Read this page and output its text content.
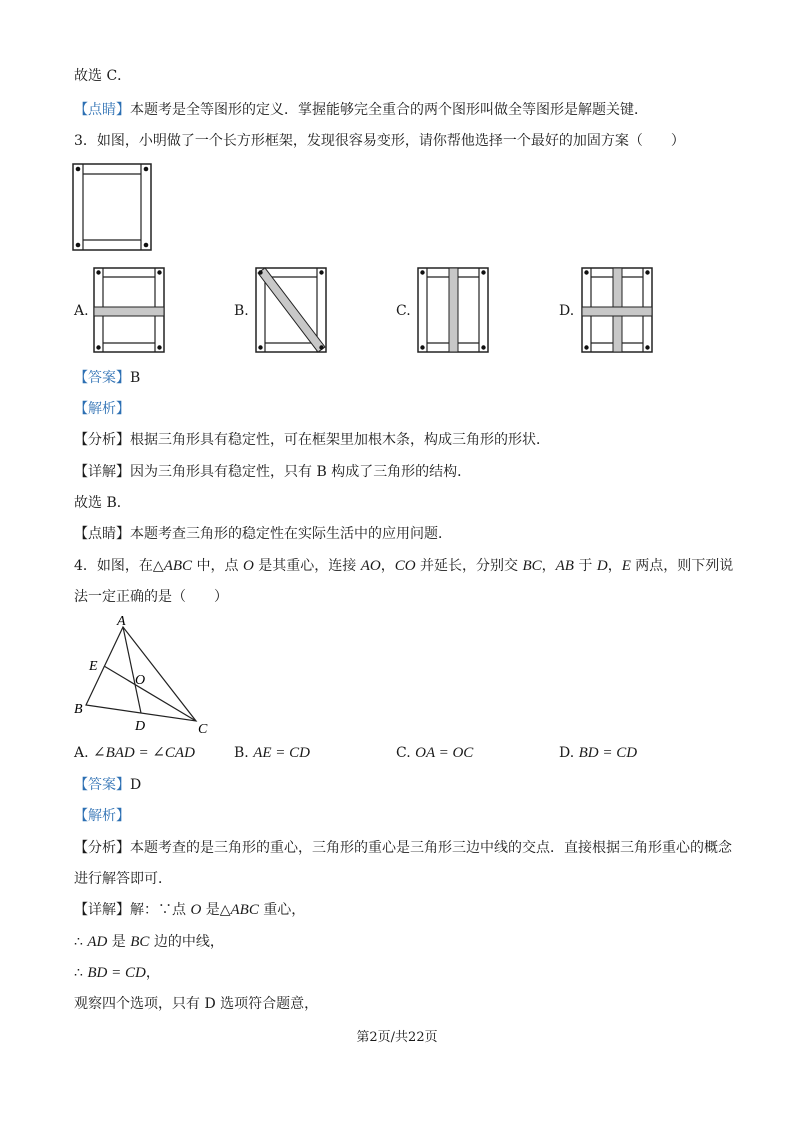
故选 C．
【点睛】本题考是全等图形的定义．掌握能够完全重合的两个图形叫做全等图形是解题关键．
3．如图，小明做了一个长方形框架，发现很容易变形，请你帮他选择一个最好的加固方案（　　）
A.	B.	C.	D.
【答案】B
【解析】
【分析】根据三角形具有稳定性，可在框架里加根木条，构成三角形的形状．
【详解】因为三角形具有稳定性，只有 B 构成了三角形的结构．
故选 B．
【点睛】本题考查三角形的稳定性在实际生活中的应用问题．
4．如图，在△ABC 中，点 O 是其重心，连接 AO，CO 并延长，分别交 BC，AB 于 D，E 两点，则下列说
法一定正确的是（　　）
A
E
O
B
D	C
A. ∠BAD = ∠CAD	B. AE = CD	C. OA = OC	D. BD = CD
【答案】D
【解析】
【分析】本题考查的是三角形的重心，三角形的重心是三角形三边中线的交点．直接根据三角形重心的概念
进行解答即可．
【详解】解：∵点 O 是△ABC 重心，
∴ AD 是 BC 边的中线，
∴ BD = CD，
观察四个选项，只有 D 选项符合题意，
第2页/共22页
